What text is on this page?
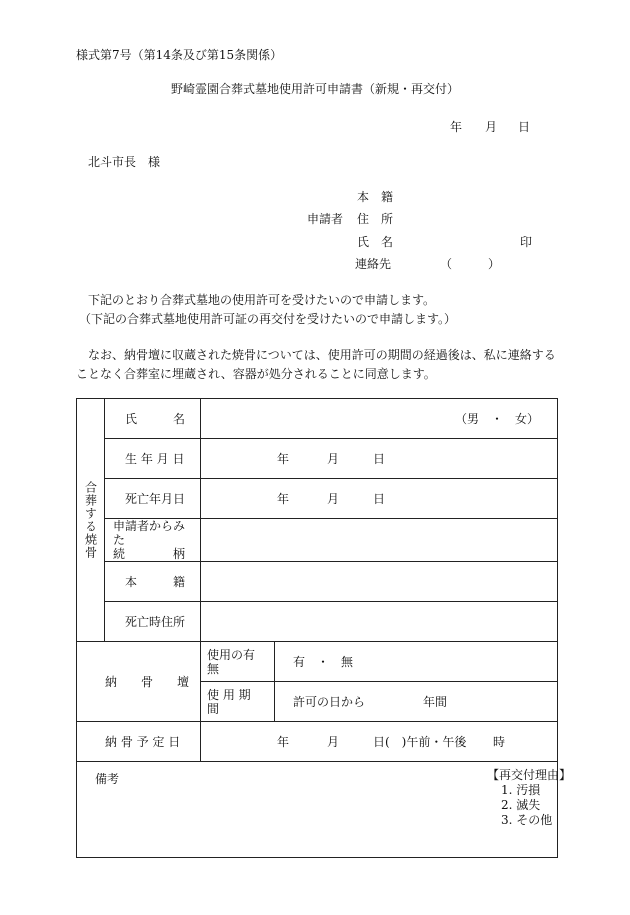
様式第7号（第14条及び第15条関係）
野崎霊園合葬式墓地使用許可申請書（新規・再交付）
年 月 日
北斗市長　様
本　籍
申請者 住　所
氏　名	印
連絡先	（　　　）
下記のとおり合葬式墓地の使用許可を受けたいので申請します。
（下記の合葬式墓地使用許可証の再交付を受けたいので申請します。）
なお、納骨壇に収蔵された焼骨については、使用許可の期間の経過後は、私に連絡する
ことなく合葬室に埋蔵され、容器が処分されることに同意します。
合葬する焼骨	氏　　　名	（男　・　女）	
	生 年 月 日	年 月 日	

	死亡年月日	年 月 日	

	申請者からみた
続 柄		

	本　　　籍		
	死亡時住所		
納　　骨　　壇		使用の有無	有　・　無
		使 用 期 間	許可の日から 年間

納 骨 予 定 日		年 月 日(　)午前・午後 時	

備考 【再交付理由】
1. 汚損
2. 滅失
3. その他			
